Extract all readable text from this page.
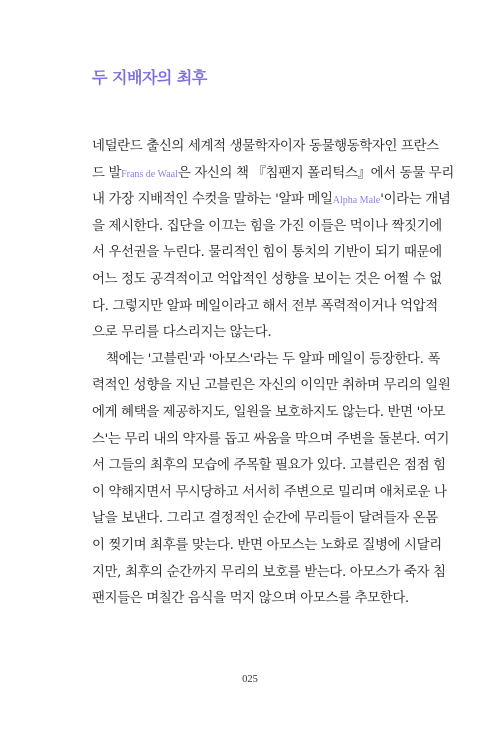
두 지배자의 최후
네덜란드 출신의 세계적 생물학자이자 동물행동학자인 프란스
드 발Frans de Waal은 자신의 책 『침팬지 폴리틱스』에서 동물 무리
내 가장 지배적인 수컷을 말하는 '알파 메일Alpha Male'이라는 개념
을 제시한다. 집단을 이끄는 힘을 가진 이들은 먹이나 짝짓기에
서 우선권을 누린다. 물리적인 힘이 통치의 기반이 되기 때문에
어느 정도 공격적이고 억압적인 성향을 보이는 것은 어쩔 수 없
다. 그렇지만 알파 메일이라고 해서 전부 폭력적이거나 억압적
으로 무리를 다스리지는 않는다.
책에는 '고블린'과 '아모스'라는 두 알파 메일이 등장한다. 폭
력적인 성향을 지닌 고블린은 자신의 이익만 취하며 무리의 일원
에게 혜택을 제공하지도, 일원을 보호하지도 않는다. 반면 '아모
스'는 무리 내의 약자를 돕고 싸움을 막으며 주변을 돌본다. 여기
서 그들의 최후의 모습에 주목할 필요가 있다. 고블린은 점점 힘
이 약해지면서 무시당하고 서서히 주변으로 밀리며 애처로운 나
날을 보낸다. 그리고 결정적인 순간에 무리들이 달려들자 온몸
이 찢기며 최후를 맞는다. 반면 아모스는 노화로 질병에 시달리
지만, 최후의 순간까지 무리의 보호를 받는다. 아모스가 죽자 침
팬지들은 며칠간 음식을 먹지 않으며 아모스를 추모한다.
025
